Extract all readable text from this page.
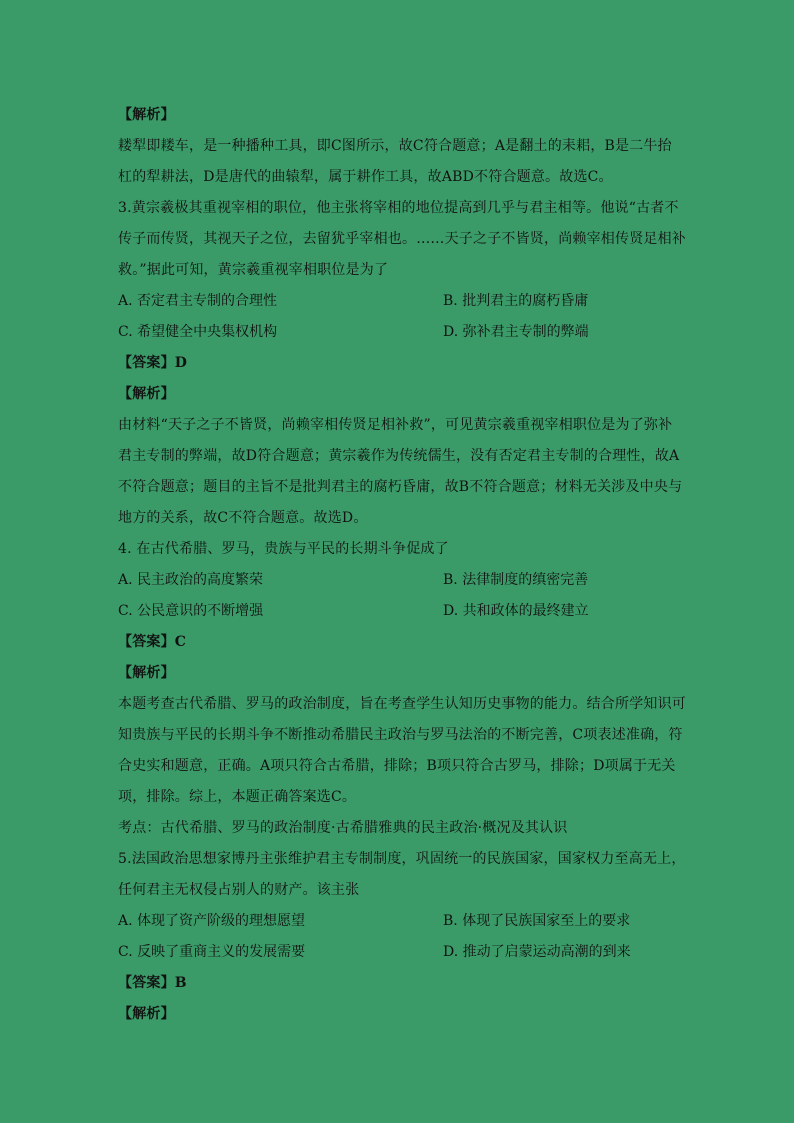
【解析】
耧犁即耧车，是一种播种工具，即C图所示，故C符合题意；A是翻土的耒耜，B是二牛抬
杠的犁耕法，D是唐代的曲辕犁，属于耕作工具，故ABD不符合题意。故选C。
3.黄宗羲极其重视宰相的职位，他主张将宰相的地位提高到几乎与君主相等。他说“古者不
传子而传贤，其视天子之位，去留犹乎宰相也。……天子之子不皆贤，尚赖宰相传贤足相补
救。”据此可知，黄宗羲重视宰相职位是为了
A. 否定君主专制的合理性	B. 批判君主的腐朽昏庸
C. 希望健全中央集权机构	D. 弥补君主专制的弊端
【答案】D
【解析】
由材料“天子之子不皆贤，尚赖宰相传贤足相补救”，可见黄宗羲重视宰相职位是为了弥补
君主专制的弊端，故D符合题意；黄宗羲作为传统儒生，没有否定君主专制的合理性，故A
不符合题意；题目的主旨不是批判君主的腐朽昏庸，故B不符合题意；材料无关涉及中央与
地方的关系，故C不符合题意。故选D。
4. 在古代希腊、罗马，贵族与平民的长期斗争促成了
A. 民主政治的高度繁荣	B. 法律制度的缜密完善
C. 公民意识的不断增强	D. 共和政体的最终建立
【答案】C
【解析】
本题考查古代希腊、罗马的政治制度，旨在考查学生认知历史事物的能力。结合所学知识可
知贵族与平民的长期斗争不断推动希腊民主政治与罗马法治的不断完善，C项表述准确，符
合史实和题意，正确。A项只符合古希腊，排除；B项只符合古罗马，排除；D项属于无关
项，排除。综上，本题正确答案选C。
考点：古代希腊、罗马的政治制度·古希腊雅典的民主政治·概况及其认识
5.法国政治思想家博丹主张维护君主专制制度，巩固统一的民族国家，国家权力至高无上，
任何君主无权侵占别人的财产。该主张
A. 体现了资产阶级的理想愿望	B. 体现了民族国家至上的要求
C. 反映了重商主义的发展需要	D. 推动了启蒙运动高潮的到来
【答案】B
【解析】
